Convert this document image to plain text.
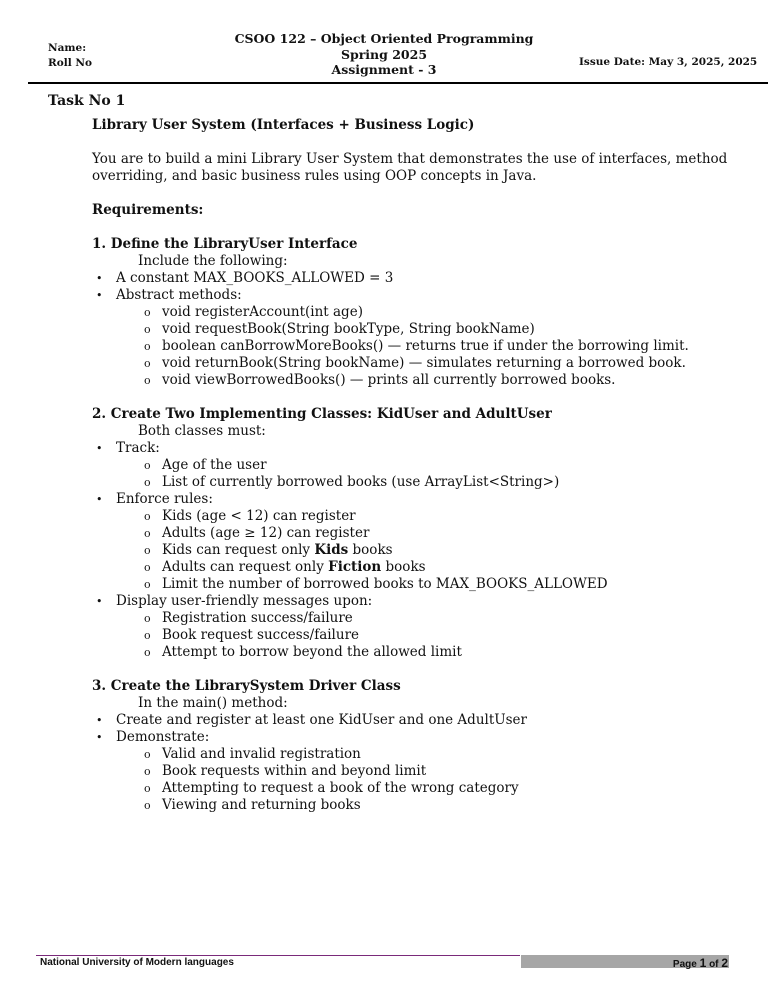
Name:
Roll No
CSOO 122 – Object Oriented Programming
Spring 2025
Assignment - 3	Issue Date: May 3, 2025, 2025
Task No 1

Library User System (Interfaces + Business Logic)

You are to build a mini Library User System that demonstrates the use of interfaces, method overriding, and basic business rules using OOP concepts in Java.

Requirements:

1. Define the LibraryUser Interface

Include the following:

• A constant MAX_BOOKS_ALLOWED = 3
• Abstract methods:
o void registerAccount(int age)
o void requestBook(String bookType, String bookName)
o boolean canBorrowMoreBooks() — returns true if under the borrowing limit.
o void returnBook(String bookName) — simulates returning a borrowed book.
o void viewBorrowedBooks() — prints all currently borrowed books.

2. Create Two Implementing Classes: KidUser and AdultUser

Both classes must:

• Track:
o Age of the user
o List of currently borrowed books (use ArrayList<String>)
• Enforce rules:
o Kids (age < 12) can register
o Adults (age ≥ 12) can register
o Kids can request only Kids books
o Adults can request only Fiction books
o Limit the number of borrowed books to MAX_BOOKS_ALLOWED
• Display user-friendly messages upon:
o Registration success/failure
o Book request success/failure
o Attempt to borrow beyond the allowed limit

3. Create the LibrarySystem Driver Class

In the main() method:

• Create and register at least one KidUser and one AdultUser
• Demonstrate:
o Valid and invalid registration
o Book requests within and beyond limit
o Attempting to request a book of the wrong category
o Viewing and returning books
National University of Modern languages	Page 1 of 2
